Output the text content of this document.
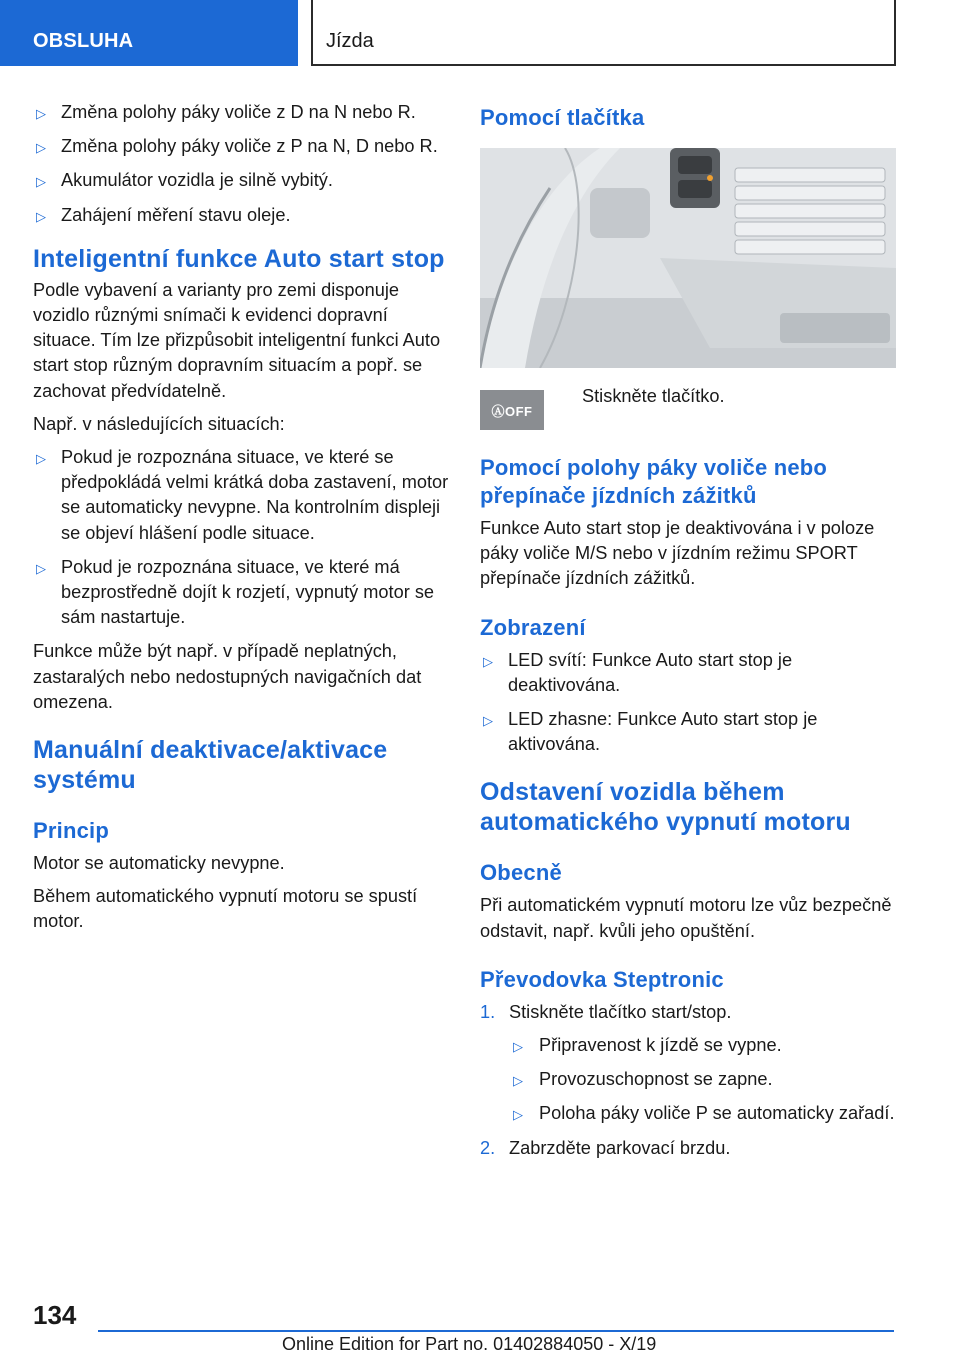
OBSLUHA	Jízda
▷ Změna polohy páky voliče z D na N nebo R.
▷ Změna polohy páky voliče z P na N, D nebo R.
▷ Akumulátor vozidla je silně vybitý.
▷ Zahájení měření stavu oleje.
Inteligentní funkce Auto start stop

Podle vybavení a varianty pro zemi disponuje vozidlo různými snímači k evidenci dopravní situace. Tím lze přizpůsobit inteligentní funkci Auto start stop různým dopravním situacím a popř. se zachovat předvídatelně.

Např. v následujících situacích:

▷ Pokud je rozpoznána situace, ve které se předpokládá velmi krátká doba zastavení, motor se automaticky nevypne. Na kontrolním displeji se objeví hlášení podle situace.
▷ Pokud je rozpoznána situace, ve které má bezprostředně dojít k rozjetí, vypnutý motor se sám nastartuje.

Funkce může být např. v případě neplatných, zastaralých nebo nedostupných navigačních dat omezena.

Manuální deaktivace/aktivace systému
Princip

Motor se automaticky nevypne.

Během automatického vypnutí motoru se spustí motor.

Pomocí tlačítka
ⒶOFF
Stiskněte tlačítko.
Pomocí polohy páky voliče nebo přepínače jízdních zážitků

Funkce Auto start stop je deaktivována i v poloze páky voliče M/S nebo v jízdním režimu SPORT přepínače jízdních zážitků.

Zobrazení
▷ LED svítí: Funkce Auto start stop je deaktivována.
▷ LED zhasne: Funkce Auto start stop je aktivována.
Odstavení vozidla během automatického vypnutí motoru
Obecně

Při automatickém vypnutí motoru lze vůz bezpečně odstavit, např. kvůli jeho opuštění.

Převodovka Steptronic
1. Stiskněte tlačítko start/stop.
▷ Připravenost k jízdě se vypne.
▷ Provozuschopnost se zapne.
▷ Poloha páky voliče P se automaticky zařadí.
2. Zabrzděte parkovací brzdu.
134
Online Edition for Part no. 01402884050 - X/19
